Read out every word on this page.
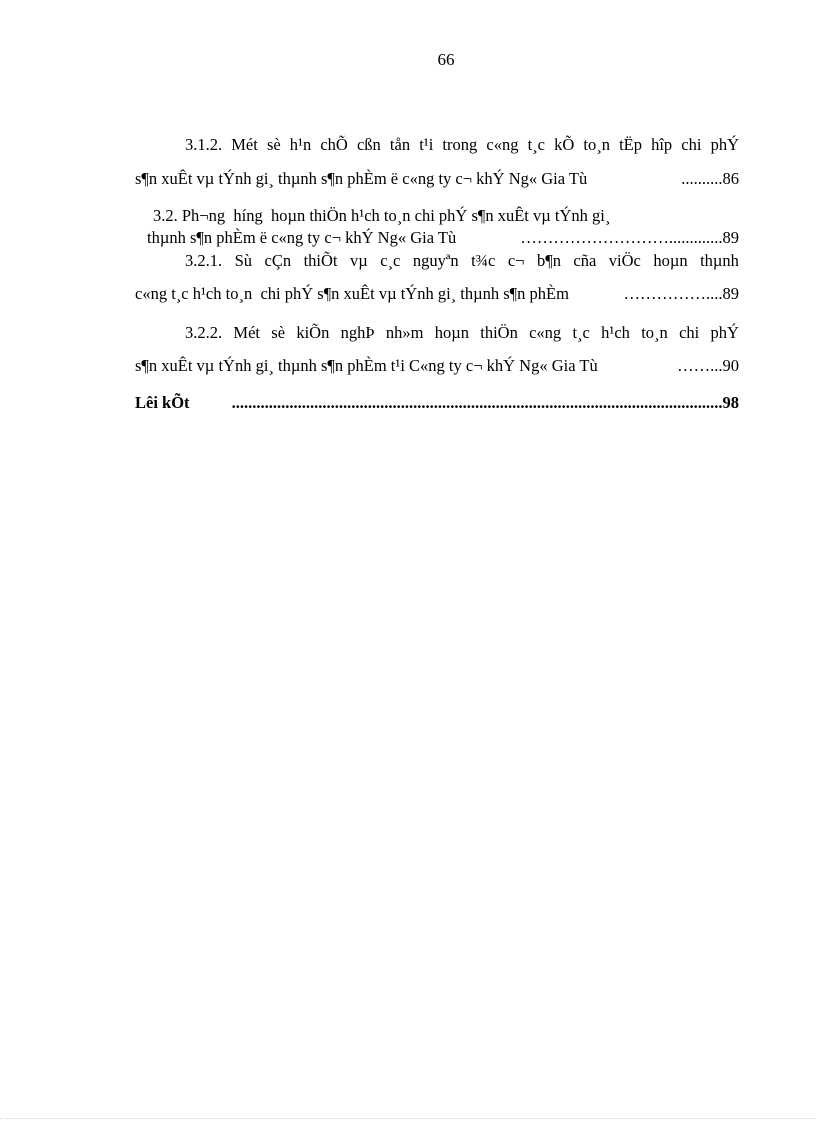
66
3.1.2. Mét sè h¹n chÕ cßn tån t¹i trong c«ng t¸c kÕ to¸n tËp hîp chi phÝ
s¶n xuÊt vµ tÝnh gi¸ thµnh s¶n phÈm ë c«ng ty c¬ khÝ Ng« Gia Tù	.......... 86
3.2. Ph¬ng  híng  hoµn thiÖn h¹ch to¸n chi phÝ s¶n xuÊt vµ tÝnh gi¸
thµnh s¶n phÈm ë c«ng ty c¬ khÝ Ng« Gia Tù	………………………............. 89
3.2.1. Sù cÇn thiÕt vµ c¸c nguyªn t¾c c¬ b¶n cña viÖc hoµn thµnh
c«ng t¸c h¹ch to¸n  chi phÝ s¶n xuÊt vµ tÝnh gi¸ thµnh s¶n phÈm	…………….... 89
3.2.2. Mét sè kiÕn nghÞ nh»m hoµn thiÖn c«ng t¸c h¹ch to¸n chi phÝ
s¶n xuÊt vµ tÝnh gi¸ thµnh s¶n phÈm t¹i C«ng ty c¬ khÝ Ng« Gia Tù	……... 90
Lêi kÕt	....................................................................................................................... 98
